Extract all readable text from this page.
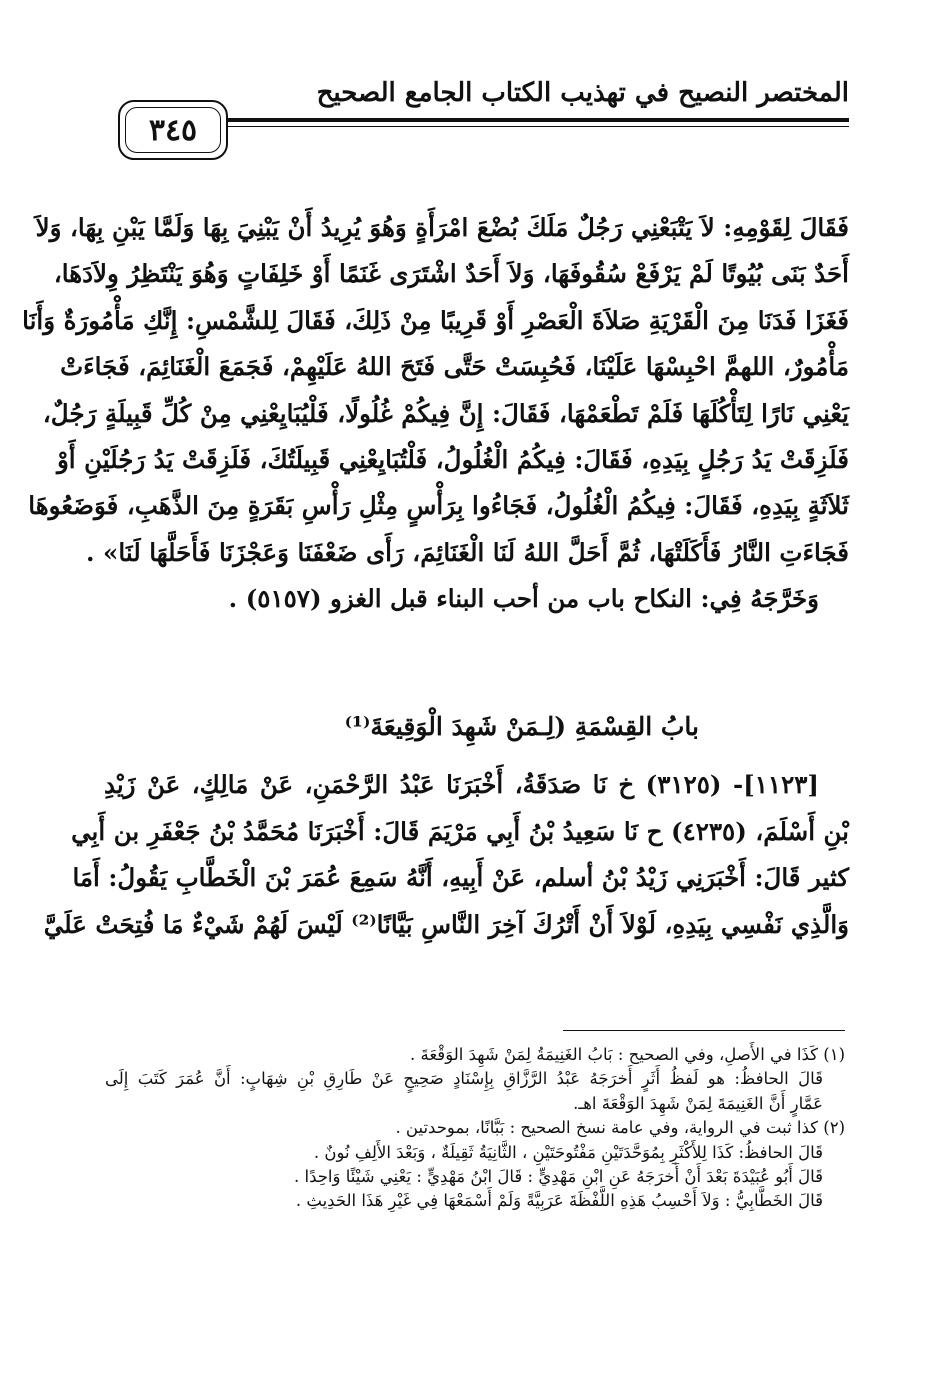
المختصر النصيح في تهذيب الكتاب الجامع الصحيح
٣٤٥
فَقَالَ لِقَوْمِهِ: لاَ يَتْبَعْنِي رَجُلٌ مَلَكَ بُضْعَ امْرَأَةٍ وَهُوَ يُرِيدُ أَنْ يَبْنِيَ بِهَا وَلَمَّا يَبْنِ بِهَا، وَلاَ
أَحَدٌ بَنَى بُيُوتًا لَمْ يَرْفَعْ سُقُوفَهَا، وَلاَ أَحَدٌ اشْتَرَى غَنَمًا أَوْ خَلِفَاتٍ وَهُوَ يَنْتَظِرُ وِلاَدَهَا،
فَغَزَا فَدَنَا مِنَ الْقَرْيَةِ صَلاَةَ الْعَصْرِ أَوْ قَرِيبًا مِنْ ذَلِكَ، فَقَالَ لِلشَّمْسِ: إِنَّكِ مَأْمُورَةٌ وَأَنَا
مَأْمُورٌ، اللهمَّ احْبِسْهَا عَلَيْنَا، فَحُبِسَتْ حَتَّى فَتَحَ اللهُ عَلَيْهِمْ، فَجَمَعَ الْغَنَائِمَ، فَجَاءَتْ
يَعْنِي نَارًا لِتَأْكُلَهَا فَلَمْ تَطْعَمْهَا، فَقَالَ: إِنَّ فِيكُمْ غُلُولًا، فَلْيُبَايِعْنِي مِنْ كُلِّ قَبِيلَةٍ رَجُلٌ،
فَلَزِقَتْ يَدُ رَجُلٍ بِيَدِهِ، فَقَالَ: فِيكُمُ الْغُلُولُ، فَلْتُبَايِعْنِي قَبِيلَتُكَ، فَلَزِقَتْ يَدُ رَجُلَيْنِ أَوْ
ثَلاَثَةٍ بِيَدِهِ، فَقَالَ: فِيكُمُ الْغُلُولُ، فَجَاءُوا بِرَأْسٍ مِثْلِ رَأْسِ بَقَرَةٍ مِنَ الذَّهَبِ، فَوَضَعُوهَا
فَجَاءَتِ النَّارُ فَأَكَلَتْهَا، ثُمَّ أَحَلَّ اللهُ لَنَا الْغَنَائِمَ، رَأَى ضَعْفَنَا وَعَجْزَنَا فَأَحَلَّهَا لَنَا» .
وَخَرَّجَهُ فِي: النكاح باب من أحب البناء قبل الغزو (٥١٥٧) .
بابُ القِسْمَةِ (لِـمَنْ شَهِدَ الْوَقِيعَةَ⁽¹⁾
[١١٢٣]- (٣١٢٥) خ نَا صَدَقَةُ، أَخْبَرَنَا عَبْدُ الرَّحْمَنِ، عَنْ مَالِكٍ، عَنْ زَيْدِ
بْنِ أَسْلَمَ، (٤٢٣٥) ح نَا سَعِيدُ بْنُ أَبِي مَرْيَمَ قَالَ: أَخْبَرَنَا مُحَمَّدُ بْنُ جَعْفَرِ بن أَبِي
كثير قَالَ: أَخْبَرَنِي زَيْدُ بْنُ أسلم، عَنْ أَبِيهِ، أَنَّهُ سَمِعَ عُمَرَ بْنَ الْخَطَّابِ يَقُولُ: أَمَا
وَالَّذِي نَفْسِي بِيَدِهِ، لَوْلاَ أَنْ أَتْرُكَ آخِرَ النَّاسِ بَيَّانًا⁽²⁾ لَيْسَ لَهُمْ شَيْءٌ مَا فُتِحَتْ عَلَيَّ
(١) كَذَا في الأَصلِ، وفي الصحيح : بَابُ الغَنِيمَةُ لِمَنْ شَهِدَ الوَقْعَةَ .
قَالَ الحافظُ: هو لَفظُ أَثَرٍ أَخرَجَهُ عَبْدُ الرَّزَّاقِ بِإِسْنَادٍ صَحِيحٍ عَنْ طَارِقِ بْنِ شِهَابٍ: أَنَّ عُمَرَ كَتَبَ إِلَى
عَمَّارٍ أَنَّ الغَنِيمَةَ لِمَنْ شَهِدَ الوَقْعَةَ اهـ.
(٢) كذا ثبت في الرواية، وفي عامة نسخ الصحيح : بَبَّانًا، بموحدتين .
قَالَ الحافظُ: كَذَا لِلأَكْثَرِ بِمُوَحَّدَتَيْنِ مَفْتُوحَتَيْنِ ، الثَّانِيَةُ ثَقِيلَةٌ ، وَبَعْدَ الأَلِفِ نُونٌ .
قَالَ أَبُو عُبَيْدَةَ بَعْدَ أَنْ أَخرَجَهُ عَنِ ابْنِ مَهْدِيٍّ : قَالَ ابْنُ مَهْدِيٍّ : يَعْنِي شَيْئًا وَاحِدًا .
قَالَ الخَطَّابِيُّ : وَلاَ أَحْسِبُ هَذِهِ اللَّفْظَةَ عَرَبِيَّةً وَلَمْ أَسْمَعْهَا فِي غَيْرِ هَذَا الحَدِيثِ .
